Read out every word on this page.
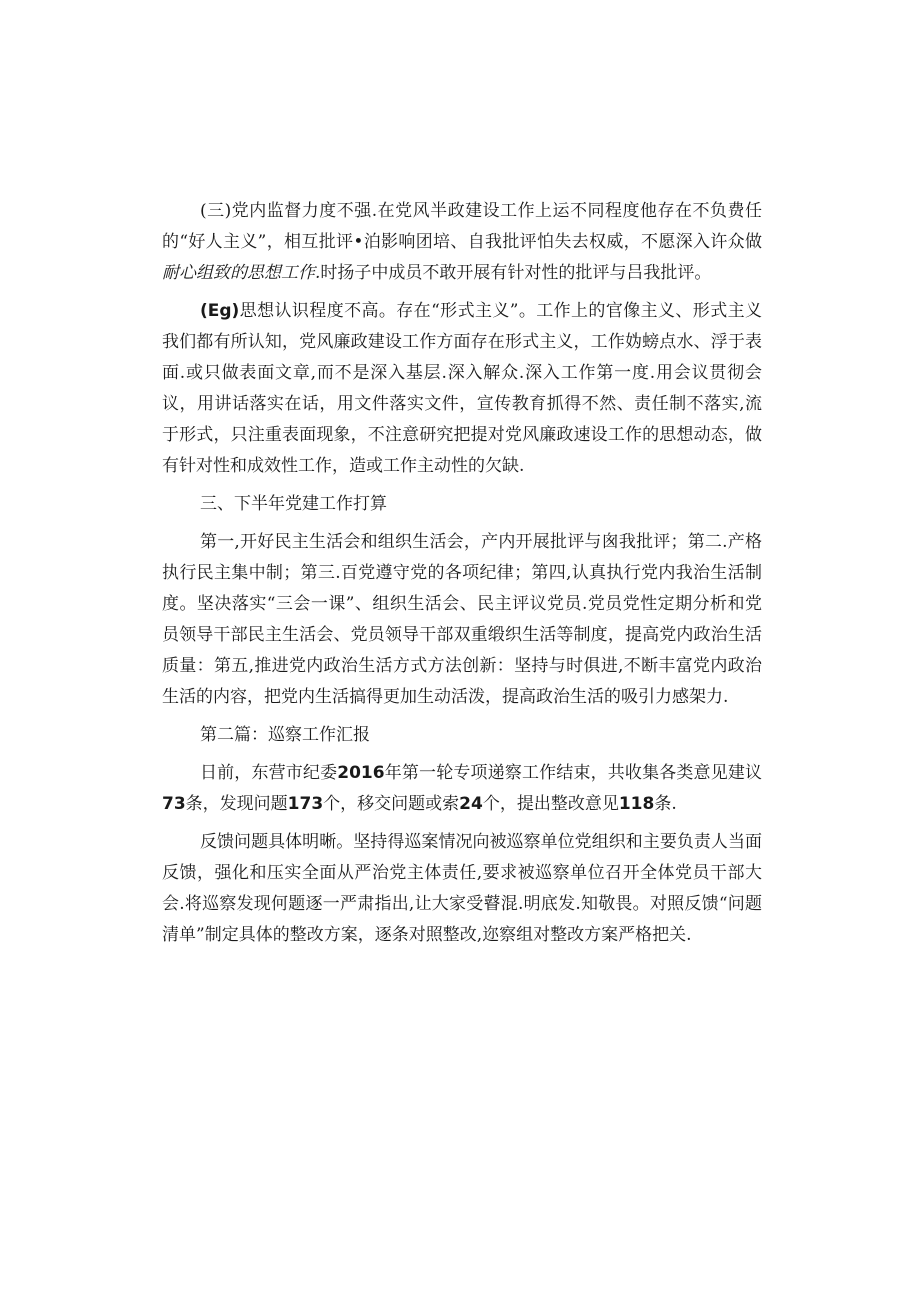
(三)党内监督力度不强.在党风半政建设工作上运不同程度他存在不负费任的“好人主义”，相互批评•泊影响团培、自我批评怕失去权威，不愿深入许众做耐心组致的思想工作.时扬子中成员不敢开展有针对性的批评与吕我批评。

(Eg)思想认识程度不高。存在“形式主义”。工作上的官像主义、形式主义我们都有所认知，党风廉政建设工作方面存在形式主义，工作妫螃点水、浮于表面.或只做表面文章,而不是深入基层.深入解众.深入工作第一度.用会议贯彻会议，用讲话落实在话，用文件落实文件，宣传教育抓得不然、责任制不落实,流于形式，只注重表面现象，不注意研究把提对党风廉政速设工作的思想动态，做有针对性和成效性工作，造或工作主动性的欠缺.

三、下半年党建工作打算

第一,开好民主生活会和组织生活会，产内开展批评与囪我批评；第二.产格执行民主集中制；第三.百党遵守党的各项纪律；第四,认真执行党内我治生活制度。坚决落实“三会一课”、组织生活会、民主评议党员.党员党性定期分析和党员领导干部民主生活会、党员领导干部双重缎织生活等制度，提高党内政治生活质量：第五,推进党内政治生活方式方法创新：坚持与时俱进,不断丰富党内政治生活的内容，把党内生活搞得更加生动活泼，提高政治生活的吸引力感架力.

第二篇：巡察工作汇报

日前，东营市纪委2016年第一轮专项递察工作结束，共收集各类意见建议73条，发现问题173个，移交问题或索24个，提出整改意见118条.

反馈问题具体明晰。坚持得巡案情况向被巡察单位党组织和主要负责人当面反馈，强化和压实全面从严治党主体责任,要求被巡察单位召开全体党员干部大会.将巡察发现何题逐一严肃指出,让大家受瞽混.明底发.知敬畏。对照反馈“问题清单”制定具体的整改方案，逐条对照整改,迩察组对整改方案严格把关.
